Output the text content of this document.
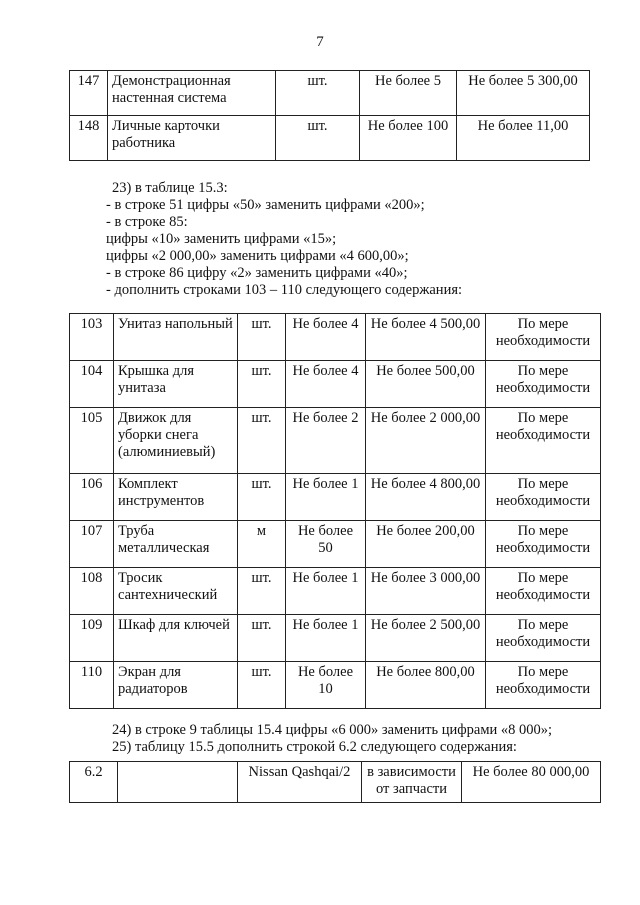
7
147	Демонстрационная настенная система	шт.	Не более 5	Не более 5 300,00
148	Личные карточки работника	шт.	Не более 100	Не более 11,00
23) в таблице 15.3:
- в строке 51 цифры «50» заменить цифрами «200»;
- в строке 85:
цифры «10» заменить цифрами «15»;
цифры «2 000,00» заменить цифрами «4 600,00»;
- в строке 86 цифру «2» заменить цифрами «40»;
- дополнить строками 103 – 110 следующего содержания:
103	Унитаз напольный	шт.	Не более 4	Не более 4 500,00	По мере необходимости
104	Крышка для унитаза	шт.	Не более 4	Не более 500,00	По мере необходимости
105	Движок для уборки снега (алюминиевый)	шт.	Не более 2	Не более 2 000,00	По мере необходимости
106	Комплект инструментов	шт.	Не более 1	Не более 4 800,00	По мере необходимости
107	Труба металлическая	м	Не более 50	Не более 200,00	По мере необходимости
108	Тросик сантехнический	шт.	Не более 1	Не более 3 000,00	По мере необходимости
109	Шкаф для ключей	шт.	Не более 1	Не более 2 500,00	По мере необходимости
110	Экран для радиаторов	шт.	Не более 10	Не более 800,00	По мере необходимости
24) в строке 9 таблицы 15.4 цифры «6 000» заменить цифрами «8 000»;
25) таблицу 15.5 дополнить строкой 6.2 следующего содержания:
6.2		Nissan Qashqai/2	в зависимости от запчасти	Не более 80 000,00
